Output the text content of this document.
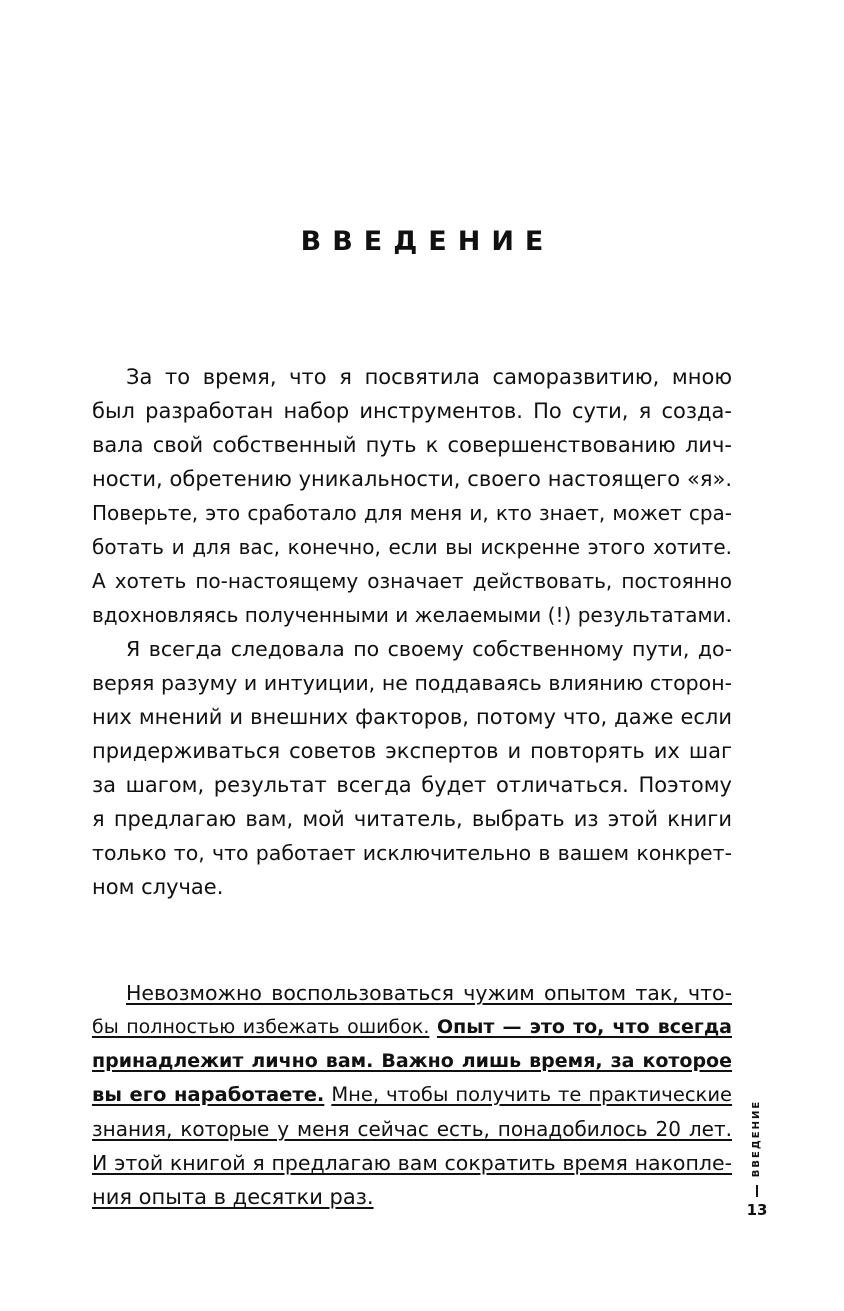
ВВЕДЕНИЕ
За то время, что я посвятила саморазвитию, мною
был разработан набор инструментов. По сути, я созда-
вала свой собственный путь к совершенствованию лич-
ности, обретению уникальности, своего настоящего «я».
Поверьте, это сработало для меня и, кто знает, может сра-
ботать и для вас, конечно, если вы искренне этого хотите.
А хотеть по-настоящему означает действовать, постоянно
вдохновляясь полученными и желаемыми (!) результатами.
Я всегда следовала по своему собственному пути, до-
веряя разуму и интуиции, не поддаваясь влиянию сторон-
них мнений и внешних факторов, потому что, даже если
придерживаться советов экспертов и повторять их шаг
за шагом, результат всегда будет отличаться. Поэтому
я предлагаю вам, мой читатель, выбрать из этой книги
только то, что работает исключительно в вашем конкрет-
ном случае.
Невозможно воспользоваться чужим опытом так, что-
бы полностью избежать ошибок. Опыт — это то, что всегда
принадлежит лично вам. Важно лишь время, за которое
вы его наработаете. Мне, чтобы получить те практические
знания, которые у меня сейчас есть, понадобилось 20 лет.
И этой книгой я предлагаю вам сократить время накопле-
ния опыта в десятки раз.
ВВЕДЕНИЕ
13
